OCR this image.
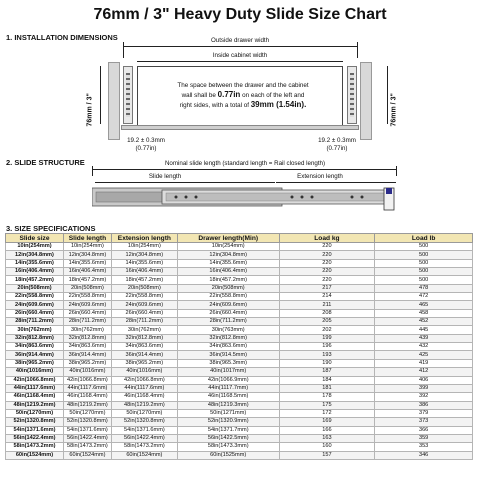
76mm / 3" Heavy Duty Slide Size Chart
1. INSTALLATION DIMENSIONS	Outside drawer width
Inside cabinet width
The space between the drawer and the cabinet
wall shall be 0.77in on each of the left and
right sides, with a total of 39mm (1.54in).
76mm / 3"	76mm / 3"
19.2 ± 0.3mm
(0.77in)
19.2 ± 0.3mm
(0.77in)
2. SLIDE STRUCTURE	Nominal slide length (standard length = Rail closed length)
Slide length	Extension length
3. SIZE SPECIFICATIONS
Slide size	Slide length	Extension length	Drawer length(Min)	Load kg	Load lb
10in(254mm)	10in(254mm)	10in(254mm)	10in(254mm)	220	500
12in(304.8mm)	12in(304.8mm)	12in(304.8mm)	12in(304.8mm)	220	500
14in(355.6mm)	14in(355.6mm)	14in(355.6mm)	14in(355.6mm)	220	500
16in(406.4mm)	16in(406.4mm)	16in(406.4mm)	16in(406.4mm)	220	500
18in(457.2mm)	18in(457.2mm)	18in(457.2mm)	18in(457.2mm)	220	500
20in(508mm)	20in(508mm)	20in(508mm)	20in(508mm)	217	478
22in(558.8mm)	22in(558.8mm)	22in(558.8mm)	22in(558.8mm)	214	472
24in(609.6mm)	24in(609.6mm)	24in(609.6mm)	24in(609.6mm)	211	465
26in(660.4mm)	26in(660.4mm)	26in(660.4mm)	26in(660.4mm)	208	458
28in(711.2mm)	28in(711.2mm)	28in(711.2mm)	28in(711.2mm)	205	452
30in(762mm)	30in(762mm)	30in(762mm)	30in(763mm)	202	445
32in(812.8mm)	32in(812.8mm)	32in(812.8mm)	32in(812.8mm)	199	439
34in(863.6mm)	34in(863.6mm)	34in(863.6mm)	34in(863.6mm)	196	432
36in(914.4mm)	36in(914.4mm)	36in(914.4mm)	36in(914.5mm)	193	425
38in(965.2mm)	38in(965.2mm)	38in(965.2mm)	38in(965.3mm)	190	419
40in(1016mm)	40in(1016mm)	40in(1016mm)	40in(1017mm)	187	412
42in(1066.8mm)	42in(1066.8mm)	42in(1066.8mm)	42in(1066.9mm)	184	406
44in(1117.6mm)	44in(1117.6mm)	44in(1117.6mm)	44in(1117.7mm)	181	399
46in(1168.4mm)	46in(1168.4mm)	46in(1168.4mm)	46in(1168.5mm)	178	392
48in(1219.2mm)	48in(1219.2mm)	48in(1219.2mm)	48in(1219.3mm)	175	386
50in(1270mm)	50in(1270mm)	50in(1270mm)	50in(1271mm)	172	379
52in(1320.8mm)	52in(1320.8mm)	52in(1320.8mm)	52in(1320.9mm)	169	373
54in(1371.6mm)	54in(1371.6mm)	54in(1371.6mm)	54in(1371.7mm)	166	366
56in(1422.4mm)	56in(1422.4mm)	56in(1422.4mm)	56in(1422.5mm)	163	359
58in(1473.2mm)	58in(1473.2mm)	58in(1473.2mm)	58in(1473.3mm)	160	353
60in(1524mm)	60in(1524mm)	60in(1524mm)	60in(1525mm)	157	346
